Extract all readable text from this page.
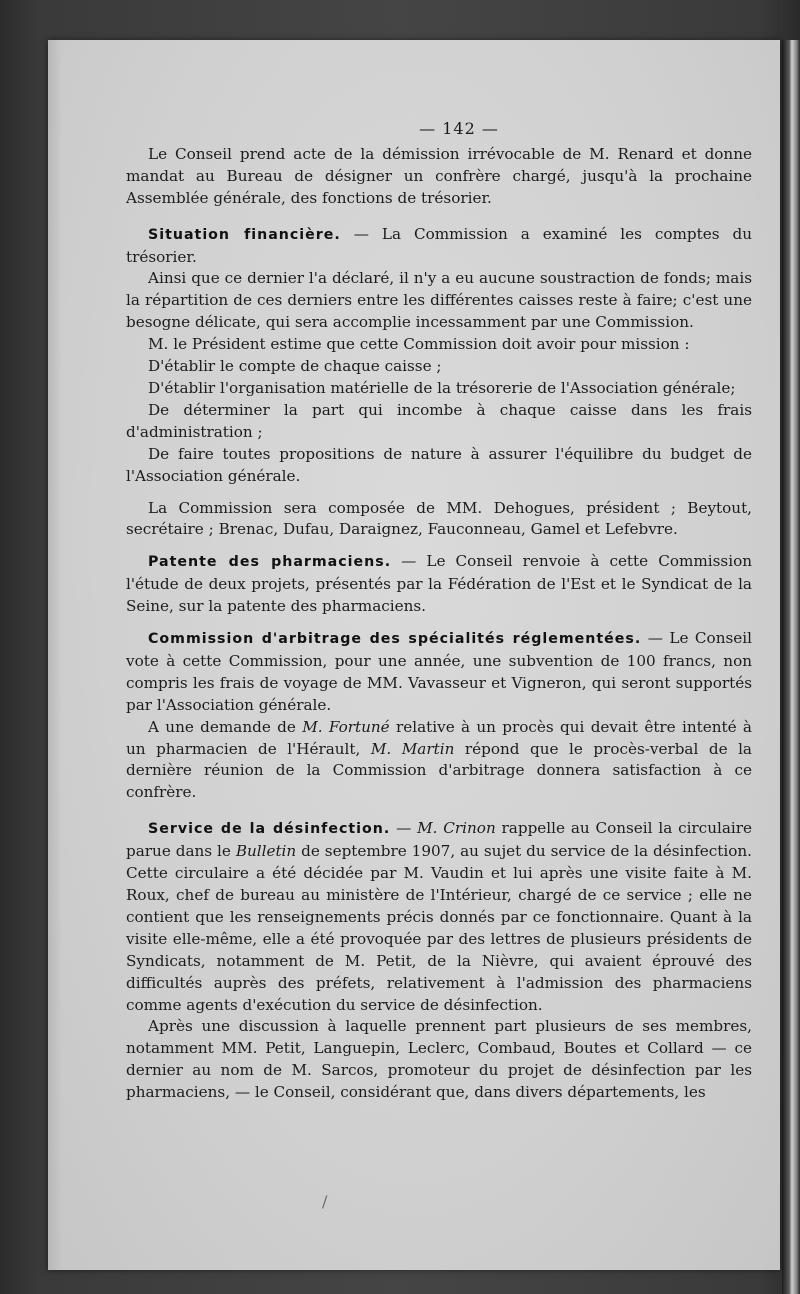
— 142 —

Le Conseil prend acte de la démission irrévocable de M. Renard et donne mandat au Bureau de désigner un confrère chargé, jusqu'à la prochaine Assemblée générale, des fonctions de trésorier.

Situation financière. — La Commission a examiné les comptes du trésorier.

Ainsi que ce dernier l'a déclaré, il n'y a eu aucune soustraction de fonds; mais la répartition de ces derniers entre les différentes caisses reste à faire; c'est une besogne délicate, qui sera accomplie incessamment par une Commission.

M. le Président estime que cette Commission doit avoir pour mission :

D'établir le compte de chaque caisse ;

D'établir l'organisation matérielle de la trésorerie de l'Association générale;

De déterminer la part qui incombe à chaque caisse dans les frais d'administration ;

De faire toutes propositions de nature à assurer l'équilibre du budget de l'Association générale.

La Commission sera composée de MM. Dehogues, président ; Beytout, secrétaire ; Brenac, Dufau, Daraignez, Fauconneau, Gamel et Lefebvre.

Patente des pharmaciens. — Le Conseil renvoie à cette Commission l'étude de deux projets, présentés par la Fédération de l'Est et le Syndicat de la Seine, sur la patente des pharmaciens.

Commission d'arbitrage des spécialités réglementées. — Le Conseil vote à cette Commission, pour une année, une subvention de 100 francs, non compris les frais de voyage de MM. Vavasseur et Vigneron, qui seront supportés par l'Association générale.

A une demande de M. Fortuné relative à un procès qui devait être intenté à un pharmacien de l'Hérault, M. Martin répond que le procès-verbal de la dernière réunion de la Commission d'arbitrage donnera satisfaction à ce confrère.

Service de la désinfection. — M. Crinon rappelle au Conseil la circulaire parue dans le Bulletin de septembre 1907, au sujet du service de la désinfection. Cette circulaire a été décidée par M. Vaudin et lui après une visite faite à M. Roux, chef de bureau au ministère de l'Intérieur, chargé de ce service ; elle ne contient que les renseignements précis donnés par ce fonctionnaire. Quant à la visite elle-même, elle a été provoquée par des lettres de plusieurs présidents de Syndicats, notamment de M. Petit, de la Nièvre, qui avaient éprouvé des difficultés auprès des préfets, relativement à l'admission des pharmaciens comme agents d'exécution du service de désinfection.

Après une discussion à laquelle prennent part plusieurs de ses membres, notamment MM. Petit, Languepin, Leclerc, Combaud, Boutes et Collard — ce dernier au nom de M. Sarcos, promoteur du projet de désinfection par les pharmaciens, — le Conseil, considérant que, dans divers départements, les

/
